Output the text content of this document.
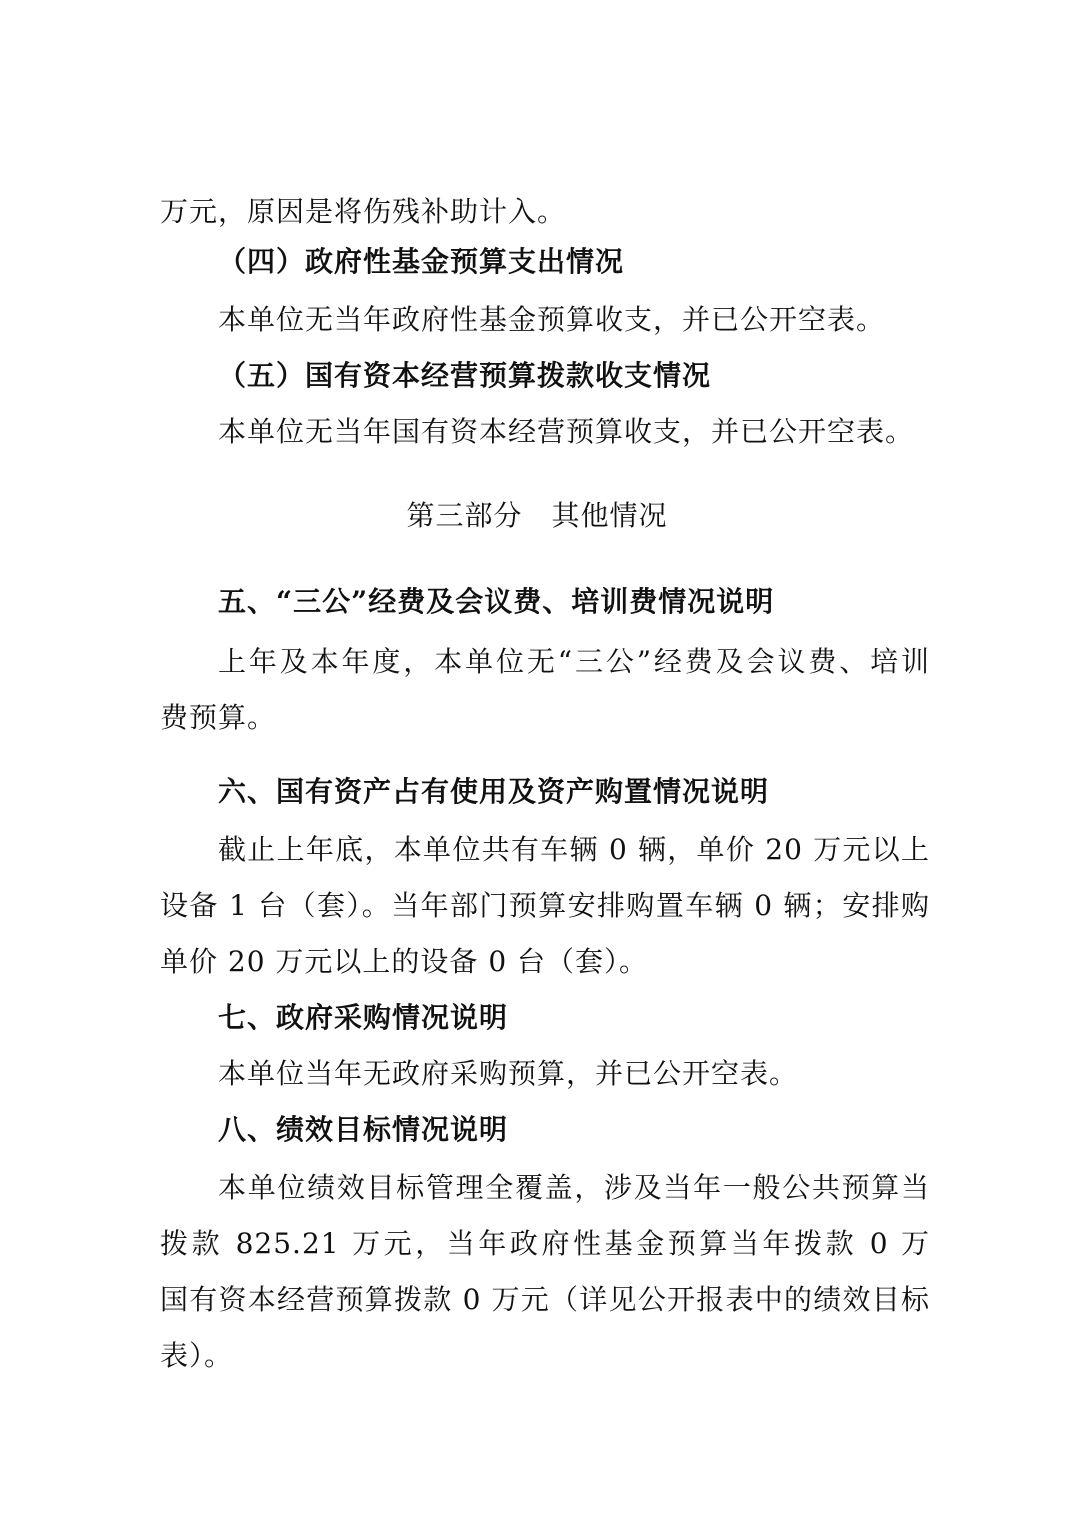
万元，原因是将伤残补助计入。
（四）政府性基金预算支出情况
本单位无当年政府性基金预算收支，并已公开空表。
（五）国有资本经营预算拨款收支情况
本单位无当年国有资本经营预算收支，并已公开空表。
第三部分　其他情况
五、“三公”经费及会议费、培训费情况说明
上年及本年度，本单位无“三公”经费及会议费、培训
费预算。
六、国有资产占有使用及资产购置情况说明
截止上年底，本单位共有车辆 0 辆，单价 20 万元以上
设备 1 台（套）。当年部门预算安排购置车辆 0 辆；安排购
单价 20 万元以上的设备 0 台（套）。
七、政府采购情况说明
本单位当年无政府采购预算，并已公开空表。
八、绩效目标情况说明
本单位绩效目标管理全覆盖，涉及当年一般公共预算当
拨款 825.21 万元，当年政府性基金预算当年拨款 0 万
国有资本经营预算拨款 0 万元（详见公开报表中的绩效目标
表）。
